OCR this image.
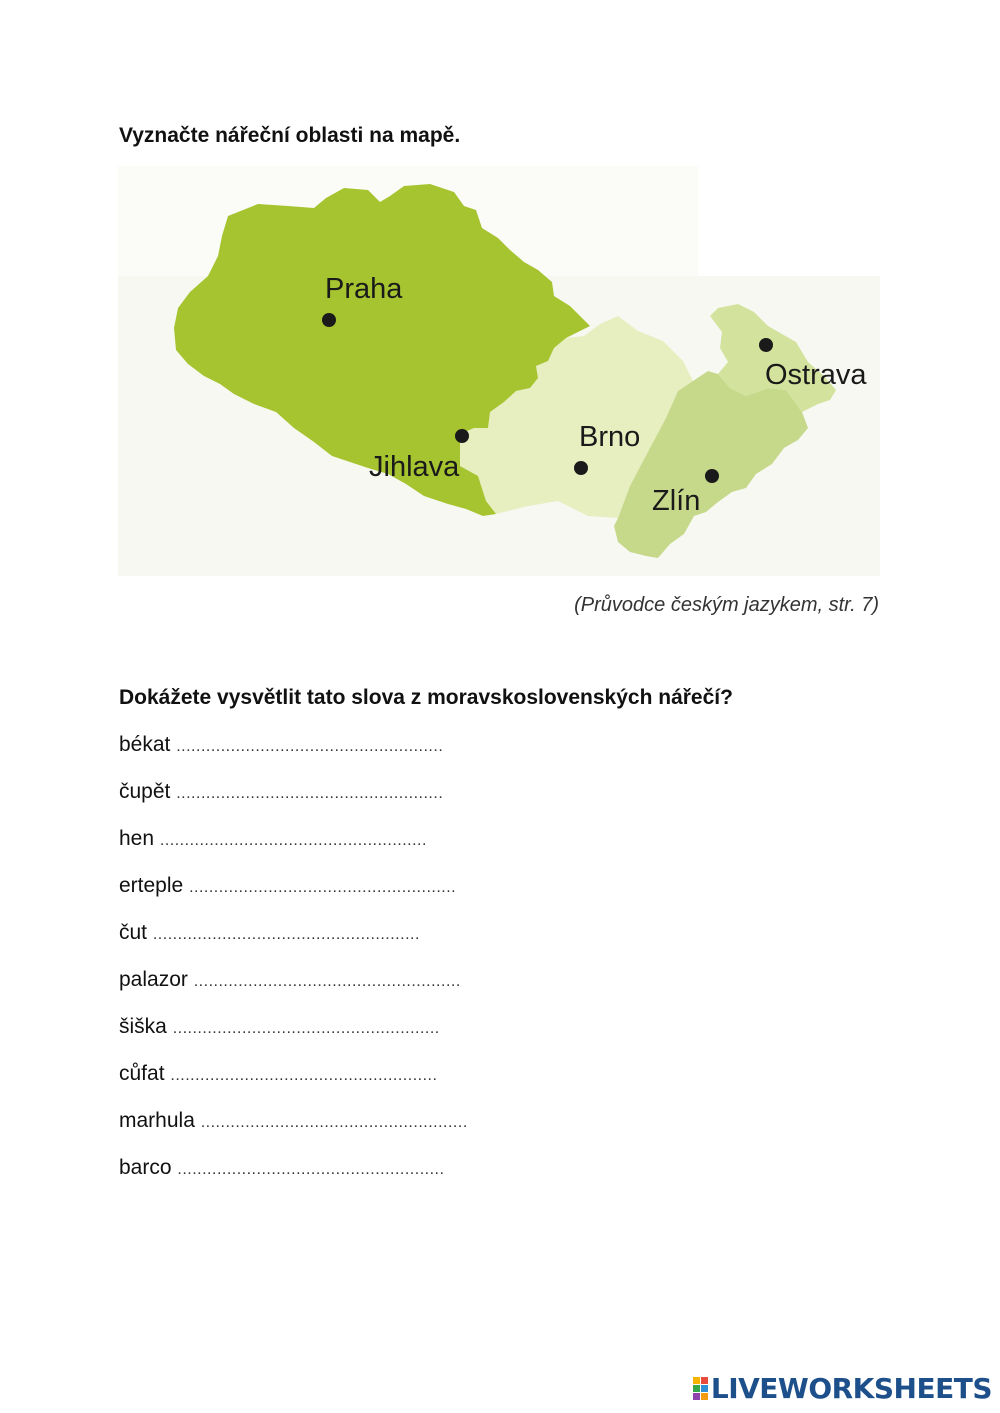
Vyznačte nářeční oblasti na mapě.
Praha
Jihlava
Brno
Zlín
Ostrava
(Průvodce českým jazykem, str. 7)
Dokážete vysvětlit tato slova z moravskoslovenských nářečí?
békat ......................................................
čupět ......................................................
hen ......................................................
erteple ......................................................
čut ......................................................
palazor ......................................................
šiška ......................................................
cůfat ......................................................
marhula ......................................................
barco ......................................................
LIVEWORKSHEETS
